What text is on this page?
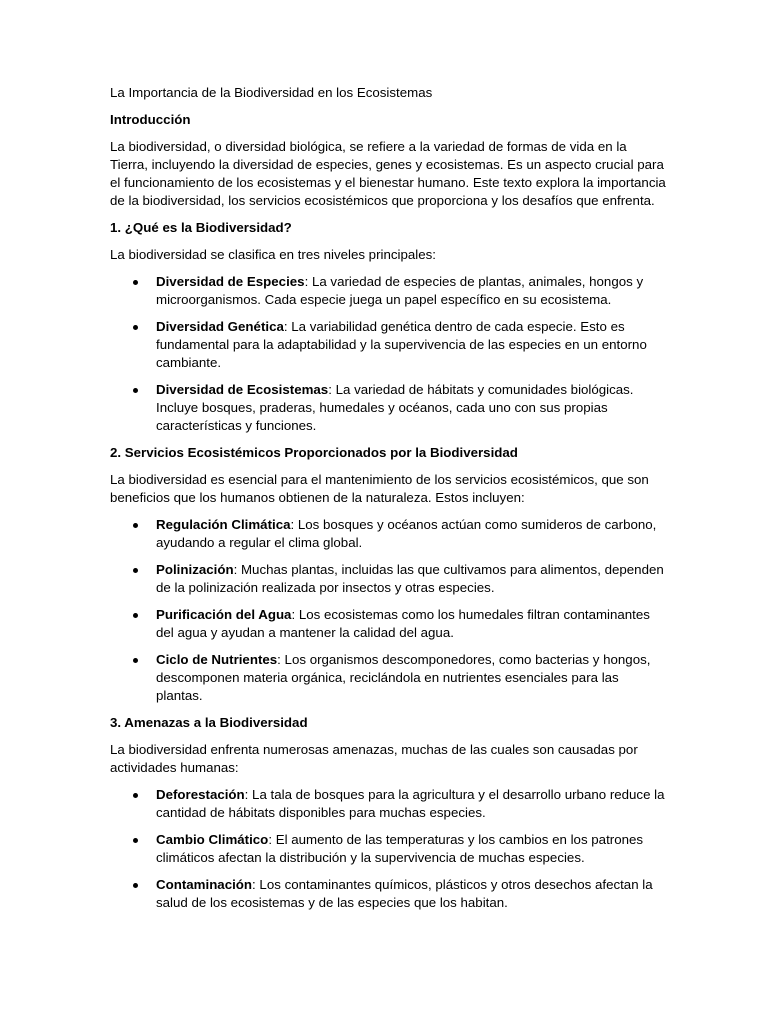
La Importancia de la Biodiversidad en los Ecosistemas

Introducción

La biodiversidad, o diversidad biológica, se refiere a la variedad de formas de vida en la Tierra, incluyendo la diversidad de especies, genes y ecosistemas. Es un aspecto crucial para el funcionamiento de los ecosistemas y el bienestar humano. Este texto explora la importancia de la biodiversidad, los servicios ecosistémicos que proporciona y los desafíos que enfrenta.

1. ¿Qué es la Biodiversidad?

La biodiversidad se clasifica en tres niveles principales:

Diversidad de Especies: La variedad de especies de plantas, animales, hongos y microorganismos. Cada especie juega un papel específico en su ecosistema.
Diversidad Genética: La variabilidad genética dentro de cada especie. Esto es fundamental para la adaptabilidad y la supervivencia de las especies en un entorno cambiante.
Diversidad de Ecosistemas: La variedad de hábitats y comunidades biológicas. Incluye bosques, praderas, humedales y océanos, cada uno con sus propias características y funciones.

2. Servicios Ecosistémicos Proporcionados por la Biodiversidad

La biodiversidad es esencial para el mantenimiento de los servicios ecosistémicos, que son beneficios que los humanos obtienen de la naturaleza. Estos incluyen:

Regulación Climática: Los bosques y océanos actúan como sumideros de carbono, ayudando a regular el clima global.
Polinización: Muchas plantas, incluidas las que cultivamos para alimentos, dependen de la polinización realizada por insectos y otras especies.
Purificación del Agua: Los ecosistemas como los humedales filtran contaminantes del agua y ayudan a mantener la calidad del agua.
Ciclo de Nutrientes: Los organismos descomponedores, como bacterias y hongos, descomponen materia orgánica, reciclándola en nutrientes esenciales para las plantas.

3. Amenazas a la Biodiversidad

La biodiversidad enfrenta numerosas amenazas, muchas de las cuales son causadas por actividades humanas:

Deforestación: La tala de bosques para la agricultura y el desarrollo urbano reduce la cantidad de hábitats disponibles para muchas especies.
Cambio Climático: El aumento de las temperaturas y los cambios en los patrones climáticos afectan la distribución y la supervivencia de muchas especies.
Contaminación: Los contaminantes químicos, plásticos y otros desechos afectan la salud de los ecosistemas y de las especies que los habitan.
